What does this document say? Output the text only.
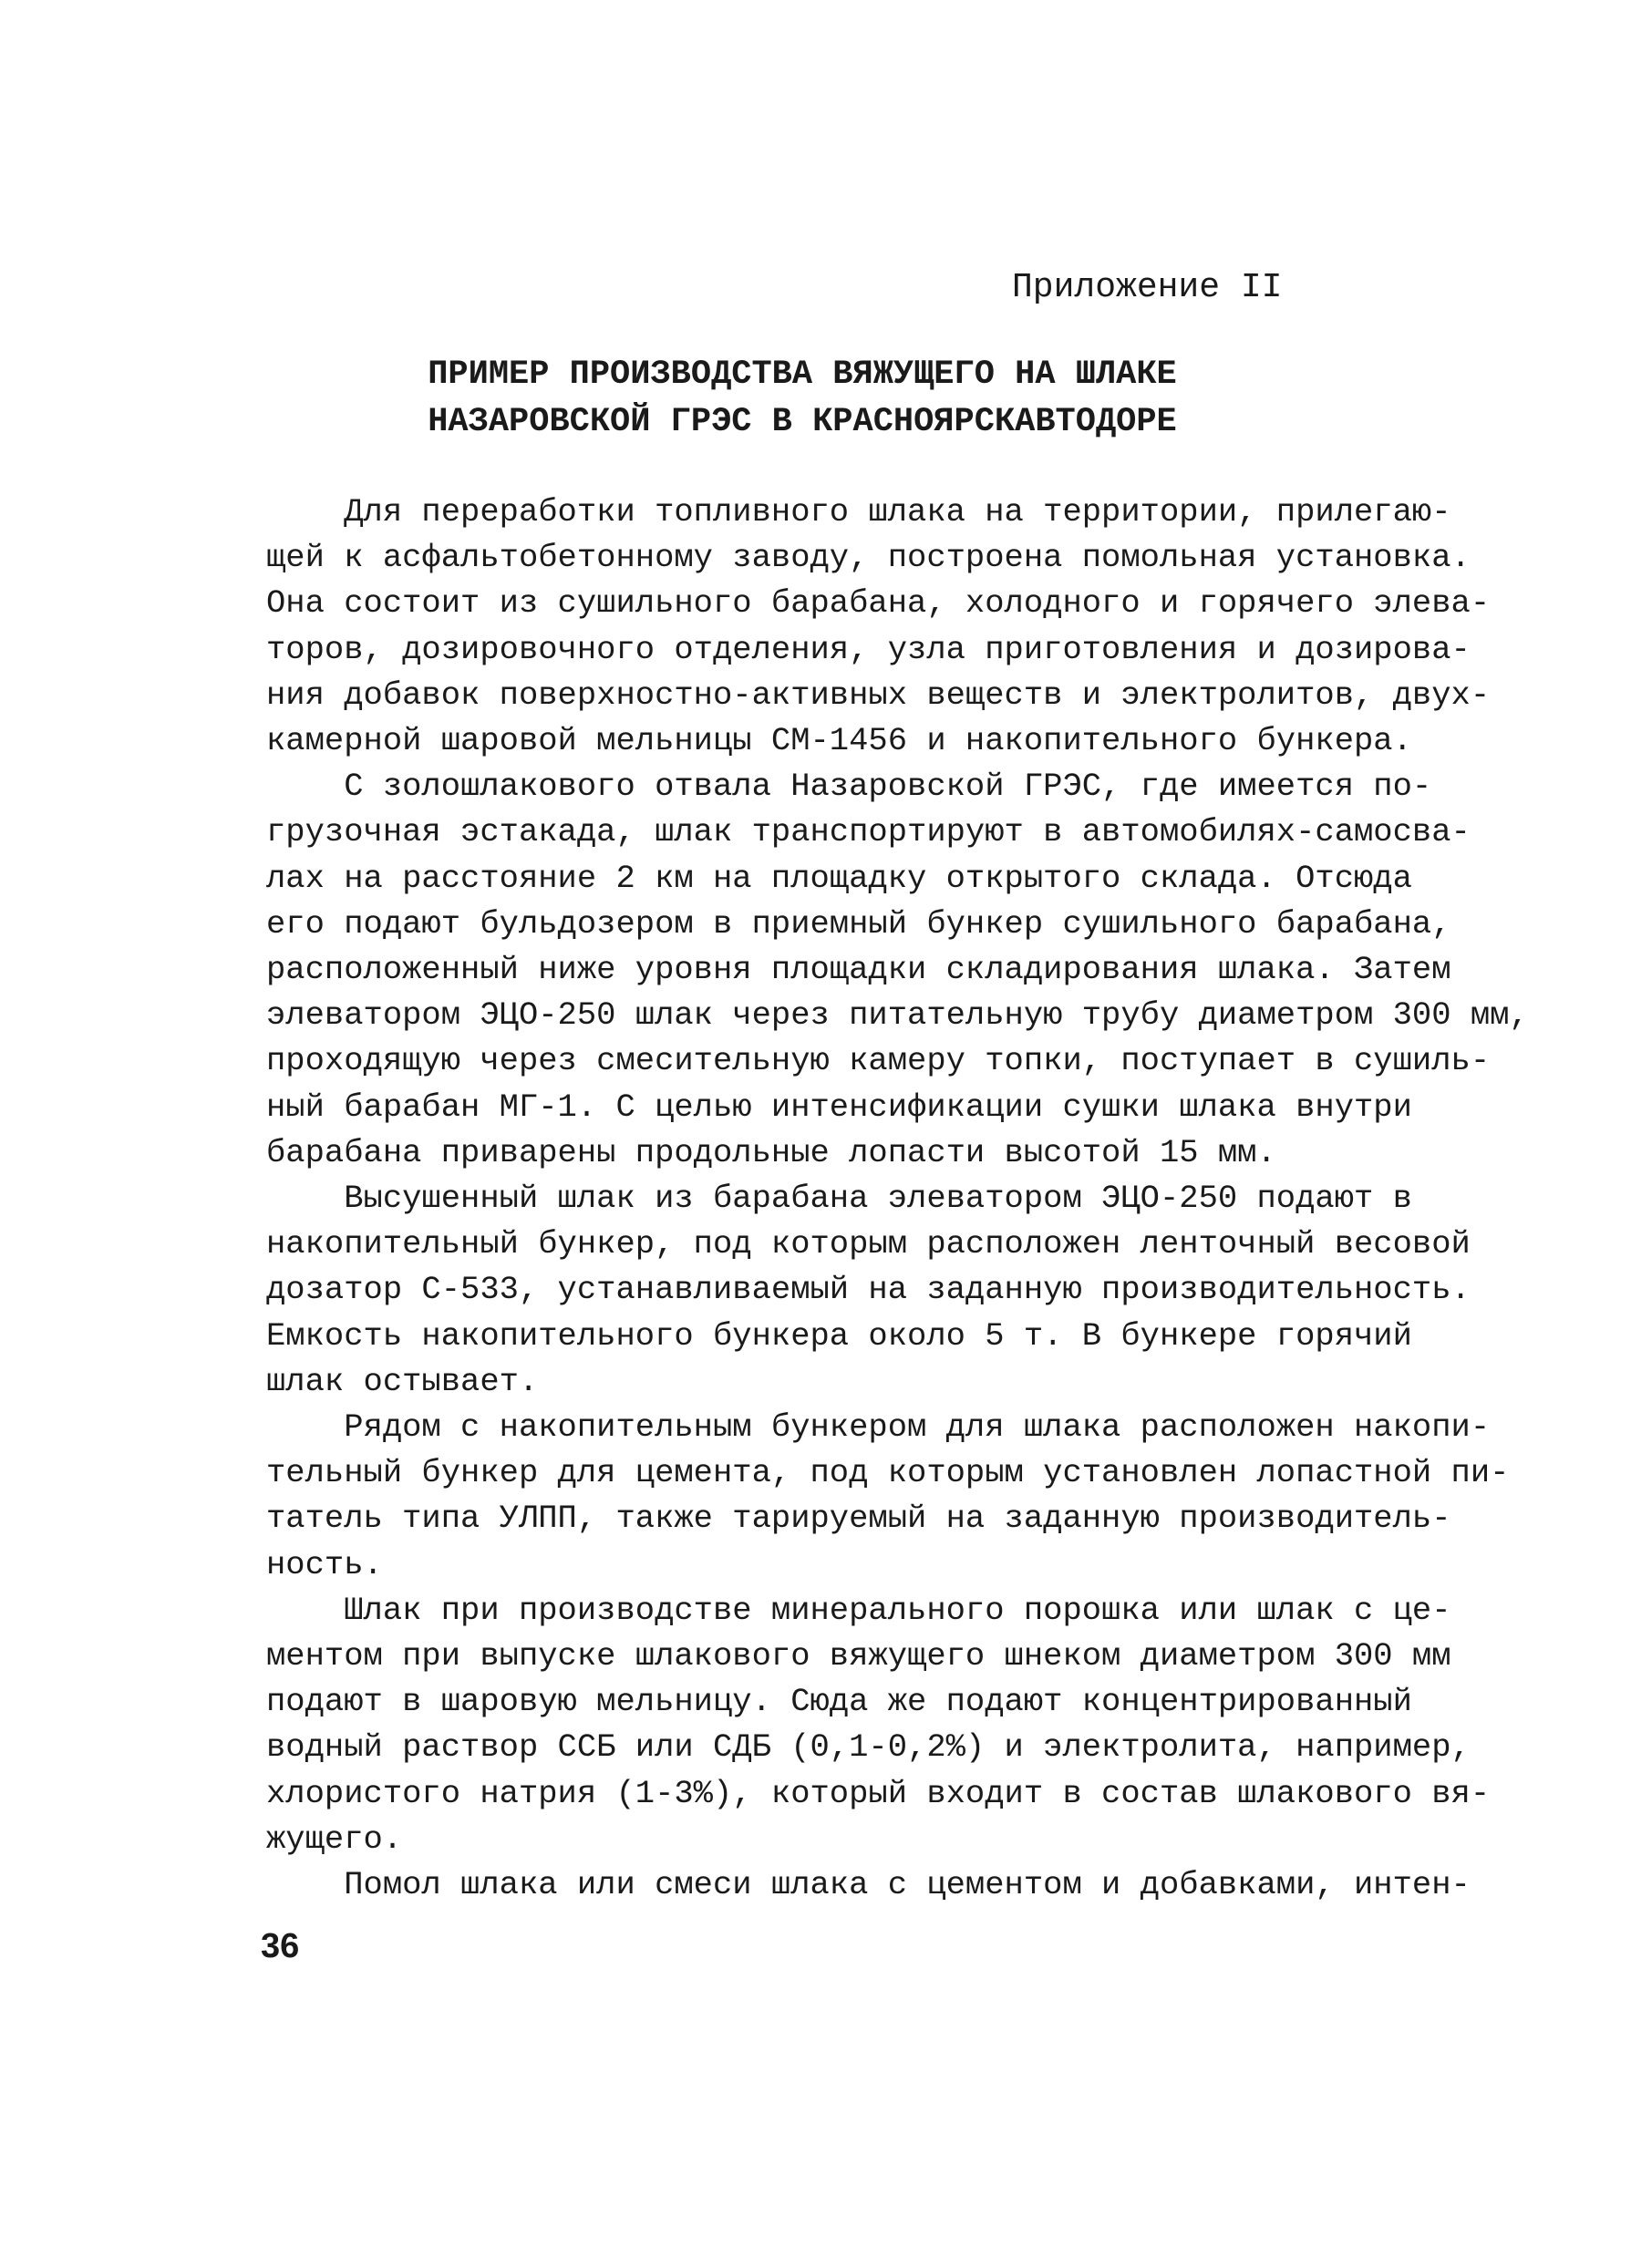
Приложение II
ПРИМЕР ПРОИЗВОДСТВА ВЯЖУЩЕГО НА ШЛАКЕ
НАЗАРОВСКОЙ ГРЭС В КРАСНОЯРСКАВТОДОРЕ
Для переработки топливного шлака на территории, прилегаю-
щей к асфальтобетонному заводу, построена помольная установка.
Она состоит из сушильного барабана, холодного и горячего элева-
торов, дозировочного отделения, узла приготовления и дозирова-
ния добавок поверхностно-активных веществ и электролитов, двух-
камерной шаровой мельницы СМ-1456 и накопительного бункера.
С золошлакового отвала Назаровской ГРЭС, где имеется по-
грузочная эстакада, шлак транспортируют в автомобилях-самосва-
лах на расстояние 2 км на площадку открытого склада. Отсюда
его подают бульдозером в приемный бункер сушильного барабана,
расположенный ниже уровня площадки складирования шлака. Затем
элеватором ЭЦО-250 шлак через питательную трубу диаметром 300 мм,
проходящую через смесительную камеру топки, поступает в сушиль-
ный барабан МГ-1. С целью интенсификации сушки шлака внутри
барабана приварены продольные лопасти высотой 15 мм.
Высушенный шлак из барабана элеватором ЭЦО-250 подают в
накопительный бункер, под которым расположен ленточный весовой
дозатор С-533, устанавливаемый на заданную производительность.
Емкость накопительного бункера около 5 т. В бункере горячий
шлак остывает.
Рядом с накопительным бункером для шлака расположен накопи-
тельный бункер для цемента, под которым установлен лопастной пи-
татель типа УЛПП, также тарируемый на заданную производитель-
ность.
Шлак при производстве минерального порошка или шлак с це-
ментом при выпуске шлакового вяжущего шнеком диаметром 300 мм
подают в шаровую мельницу. Сюда же подают концентрированный
водный раствор ССБ или СДБ (0,1-0,2%) и электролита, например,
хлористого натрия (1-3%), который входит в состав шлакового вя-
жущего.
Помол шлака или смеси шлака с цементом и добавками, интен-
36
